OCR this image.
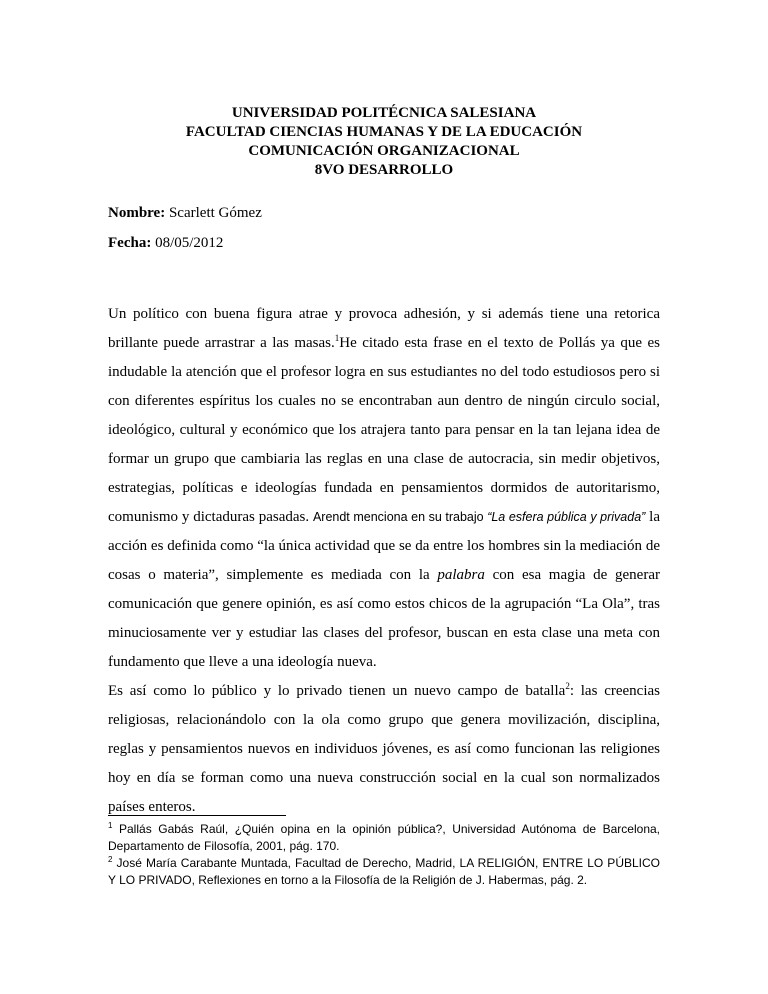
UNIVERSIDAD POLITÉCNICA SALESIANA
FACULTAD CIENCIAS HUMANAS Y DE LA EDUCACIÓN
COMUNICACIÓN ORGANIZACIONAL
8VO DESARROLLO
Nombre: Scarlett Gómez
Fecha: 08/05/2012

Un político con buena figura atrae y provoca adhesión, y si además tiene una retorica brillante puede arrastrar a las masas.$^1$He citado esta frase en el texto de Pollás ya que es indudable la atención que el profesor logra en sus estudiantes no del todo estudiosos pero si con diferentes espíritus los cuales no se encontraban aun dentro de ningún circulo social, ideológico, cultural y económico que los atrajera tanto para pensar en la tan lejana idea de formar un grupo que cambiaria las reglas en una clase de autocracia, sin medir objetivos, estrategias, políticas e ideologías fundada en pensamientos dormidos de autoritarismo, comunismo y dictaduras pasadas. Arendt menciona en su trabajo “La esfera pública y privada” la acción es definida como “la única actividad que se da entre los hombres sin la mediación de cosas o materia”, simplemente es mediada con la palabra con esa magia de generar comunicación que genere opinión, es así como estos chicos de la agrupación “La Ola”, tras minuciosamente ver y estudiar las clases del profesor, buscan en esta clase una meta con fundamento que lleve a una ideología nueva.

Es así como lo público y lo privado tienen un nuevo campo de batalla$^2$: las creencias religiosas, relacionándolo con la ola como grupo que genera movilización, disciplina, reglas y pensamientos nuevos en individuos jóvenes, es así como funcionan las religiones hoy en día se forman como una nueva construcción social en la cual son normalizados países enteros.

$^1$ Pallás Gabás Raúl, ¿Quién opina en la opinión pública?, Universidad Autónoma de Barcelona, Departamento de Filosofía, 2001, pág. 170.

$^2$ José María Carabante Muntada, Facultad de Derecho, Madrid, LA RELIGIÓN, ENTRE LO PÚBLICO Y LO PRIVADO, Reflexiones en torno a la Filosofía de la Religión de J. Habermas, pág. 2.
